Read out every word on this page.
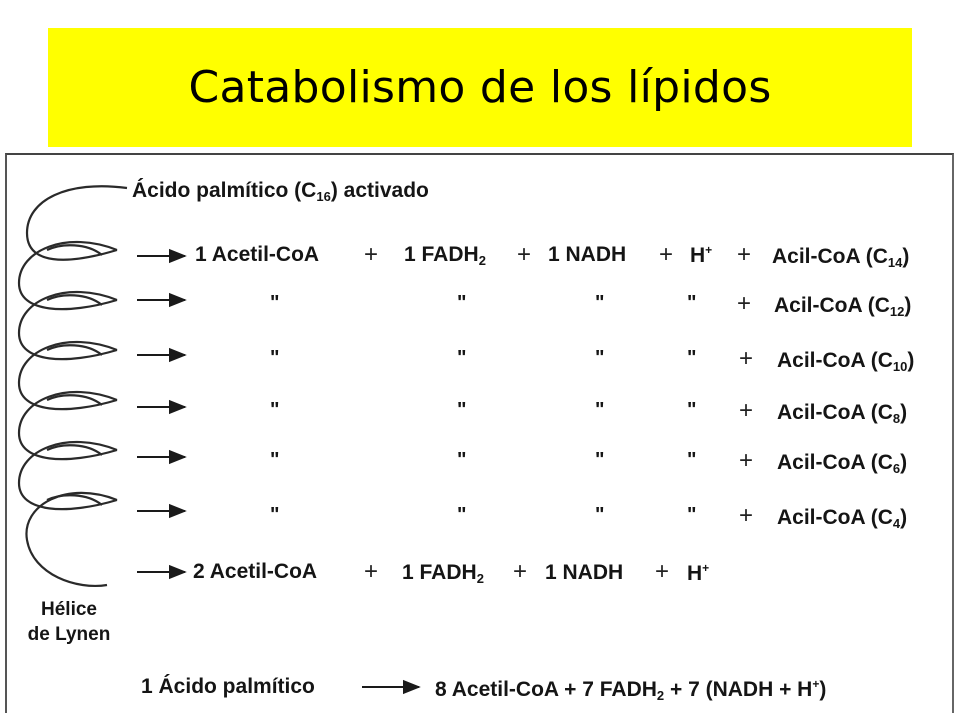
Catabolismo de los lípidos
Ácido palmítico $(C_{16})$ activado
1 Acetil-CoA + 1 $FADH_2 + 1$ NADH + H+ + Acil-CoA $(C_{14})$
"	"	"	" + Acil-CoA $(C_{12})$
"	"	"	" + Acil-CoA $(C_{10})$
"	"	"	" + Acil-CoA $(C_8)$
"	"	"	" + Acil-CoA $(C_6)$
"	"	"	" + Acil-CoA $(C_4)$
2 Acetil-CoA + 1 $FADH_2 + 1$ NADH + H+
Hélice
de Lynen
1 Ácido palmítico	8 Acetil-CoA + 7 $FADH_2 + 7$ (NADH + H+)
